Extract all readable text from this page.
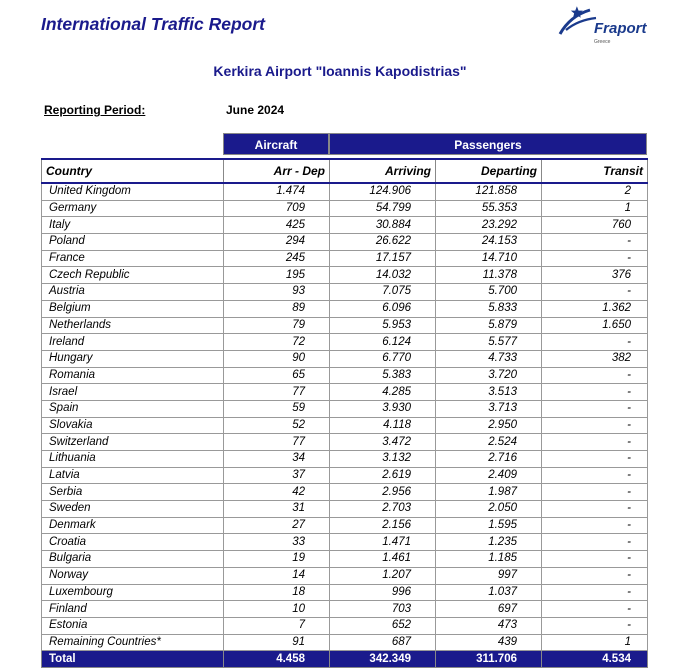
International Traffic Report	Fraport
Greece
Kerkira Airport "Ioannis Kapodistrias"
Reporting Period:	June 2024
Aircraft	Passengers
Country	Arr - Dep	Arriving	Departing	Transit
United Kingdom	1.474	124.906	121.858	2
Germany	709	54.799	55.353	1
Italy	425	30.884	23.292	760
Poland	294	26.622	24.153	-
France	245	17.157	14.710	-
Czech Republic	195	14.032	11.378	376
Austria	93	7.075	5.700	-
Belgium	89	6.096	5.833	1.362
Netherlands	79	5.953	5.879	1.650
Ireland	72	6.124	5.577	-
Hungary	90	6.770	4.733	382
Romania	65	5.383	3.720	-
Israel	77	4.285	3.513	-
Spain	59	3.930	3.713	-
Slovakia	52	4.118	2.950	-
Switzerland	77	3.472	2.524	-
Lithuania	34	3.132	2.716	-
Latvia	37	2.619	2.409	-
Serbia	42	2.956	1.987	-
Sweden	31	2.703	2.050	-
Denmark	27	2.156	1.595	-
Croatia	33	1.471	1.235	-
Bulgaria	19	1.461	1.185	-
Norway	14	1.207	997	-
Luxembourg	18	996	1.037	-
Finland	10	703	697	-
Estonia	7	652	473	-
Remaining Countries*	91	687	439	1
Total	4.458	342.349	311.706	4.534
